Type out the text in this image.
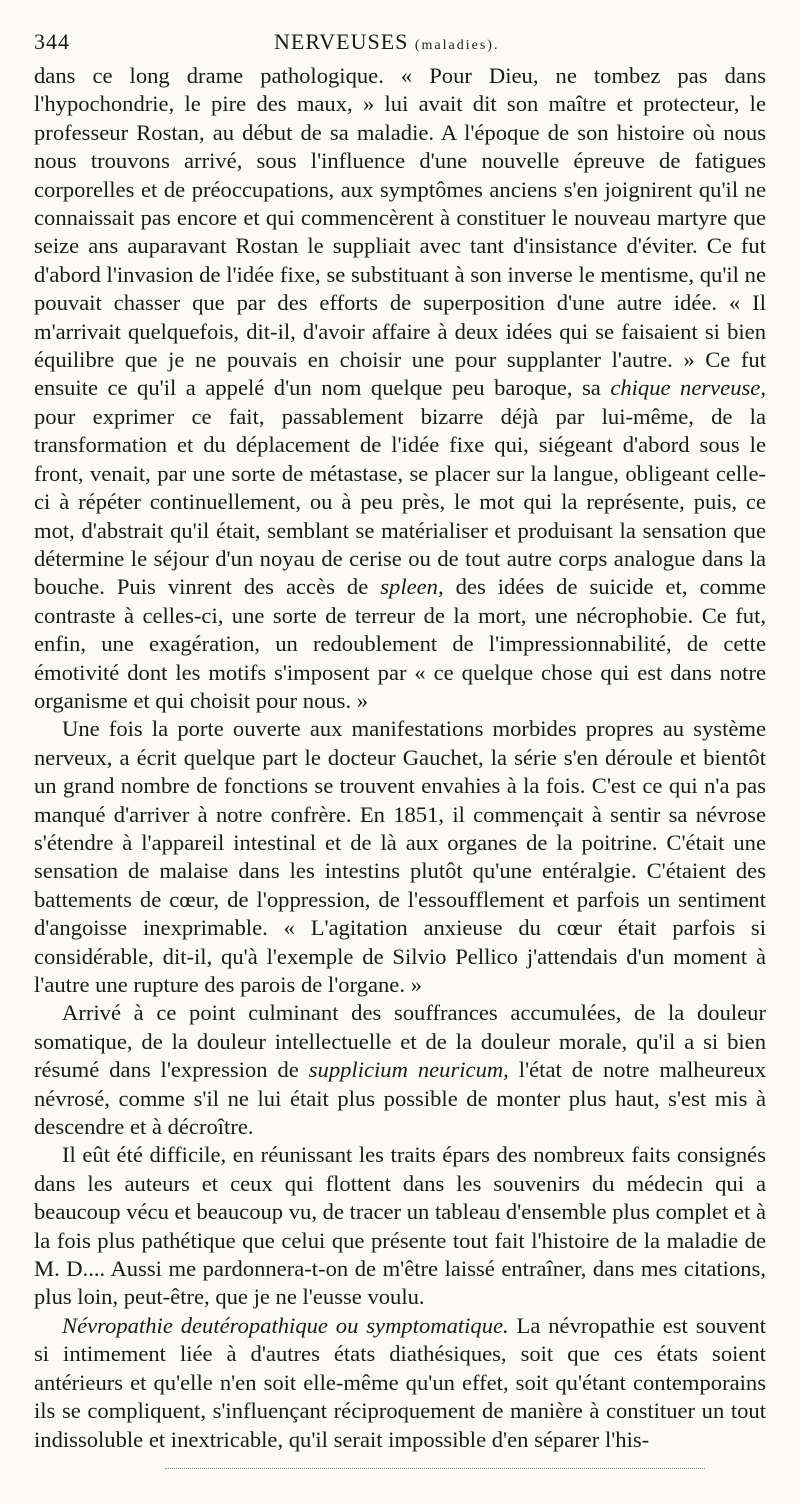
344	NERVEUSES (maladies).

dans ce long drame pathologique. « Pour Dieu, ne tombez pas dans l'hypochondrie, le pire des maux, » lui avait dit son maître et protecteur, le professeur Rostan, au début de sa maladie. A l'époque de son histoire où nous nous trouvons arrivé, sous l'influence d'une nouvelle épreuve de fatigues corporelles et de préoccupations, aux symptômes anciens s'en joignirent qu'il ne connaissait pas encore et qui commencèrent à constituer le nouveau martyre que seize ans auparavant Rostan le suppliait avec tant d'insistance d'éviter. Ce fut d'abord l'invasion de l'idée fixe, se substituant à son inverse le mentisme, qu'il ne pouvait chasser que par des efforts de superposition d'une autre idée. « Il m'arrivait quelquefois, dit-il, d'avoir affaire à deux idées qui se faisaient si bien équilibre que je ne pouvais en choisir une pour supplanter l'autre. » Ce fut ensuite ce qu'il a appelé d'un nom quelque peu baroque, sa chique nerveuse, pour exprimer ce fait, passablement bizarre déjà par lui-même, de la transformation et du déplacement de l'idée fixe qui, siégeant d'abord sous le front, venait, par une sorte de métastase, se placer sur la langue, obligeant celle-ci à répéter continuellement, ou à peu près, le mot qui la représente, puis, ce mot, d'abstrait qu'il était, semblant se matérialiser et produisant la sensation que détermine le séjour d'un noyau de cerise ou de tout autre corps analogue dans la bouche. Puis vinrent des accès de spleen, des idées de suicide et, comme contraste à celles-ci, une sorte de terreur de la mort, une nécrophobie. Ce fut, enfin, une exagération, un redoublement de l'impressionnabilité, de cette émotivité dont les motifs s'imposent par « ce quelque chose qui est dans notre organisme et qui choisit pour nous. »

Une fois la porte ouverte aux manifestations morbides propres au système nerveux, a écrit quelque part le docteur Gauchet, la série s'en déroule et bientôt un grand nombre de fonctions se trouvent envahies à la fois. C'est ce qui n'a pas manqué d'arriver à notre confrère. En 1851, il commençait à sentir sa névrose s'étendre à l'appareil intestinal et de là aux organes de la poitrine. C'était une sensation de malaise dans les intestins plutôt qu'une entéralgie. C'étaient des battements de cœur, de l'oppression, de l'essoufflement et parfois un sentiment d'angoisse inexprimable. « L'agitation anxieuse du cœur était parfois si considérable, dit-il, qu'à l'exemple de Silvio Pellico j'attendais d'un moment à l'autre une rupture des parois de l'organe. »

Arrivé à ce point culminant des souffrances accumulées, de la douleur somatique, de la douleur intellectuelle et de la douleur morale, qu'il a si bien résumé dans l'expression de supplicium neuricum, l'état de notre malheureux névrosé, comme s'il ne lui était plus possible de monter plus haut, s'est mis à descendre et à décroître.

Il eût été difficile, en réunissant les traits épars des nombreux faits consignés dans les auteurs et ceux qui flottent dans les souvenirs du médecin qui a beaucoup vécu et beaucoup vu, de tracer un tableau d'ensemble plus complet et à la fois plus pathétique que celui que présente tout fait l'histoire de la maladie de M. D.... Aussi me pardonnera-t-on de m'être laissé entraîner, dans mes citations, plus loin, peut-être, que je ne l'eusse voulu.

Névropathie deutéropathique ou symptomatique. La névropathie est souvent si intimement liée à d'autres états diathésiques, soit que ces états soient antérieurs et qu'elle n'en soit elle-même qu'un effet, soit qu'étant contemporains ils se compliquent, s'influençant réciproquement de manière à constituer un tout indissoluble et inextricable, qu'il serait impossible d'en séparer l'his-
